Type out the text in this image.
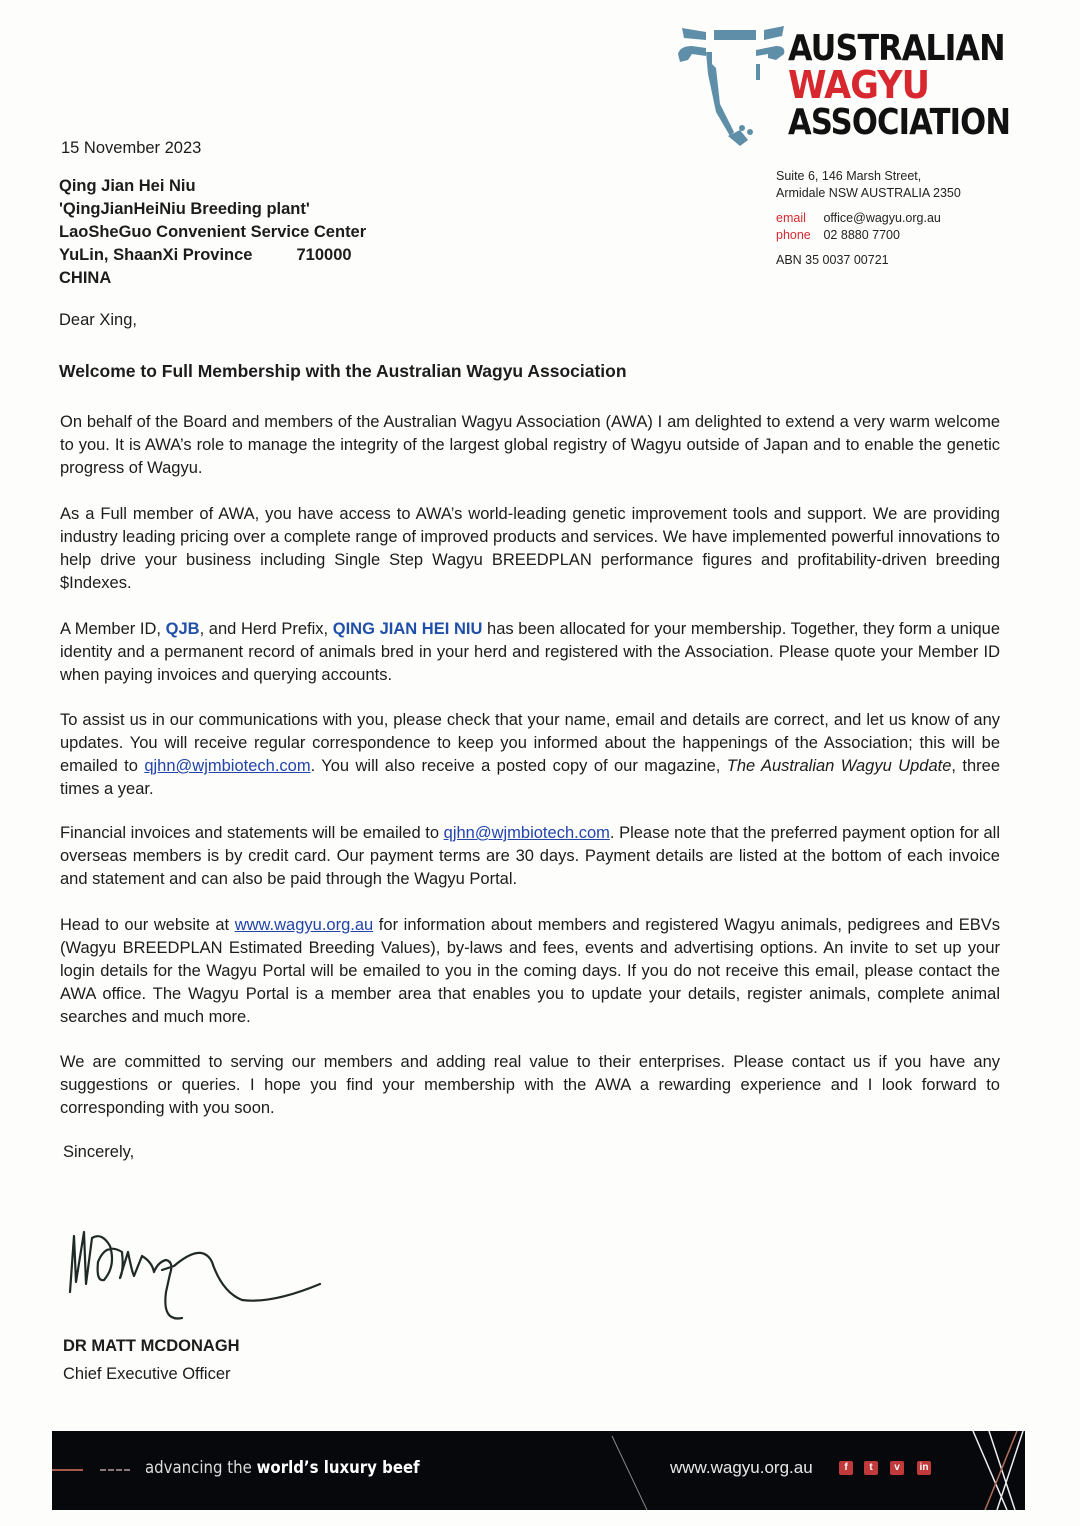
AUSTRALIAN
WAGYU
ASSOCIATION
Suite 6, 146 Marsh Street,
Armidale NSW AUSTRALIA 2350
email office@wagyu.org.au
phone 02 8880 7700
ABN 35 0037 00721
15 November 2023
Qing Jian Hei Niu
'QingJianHeiNiu Breeding plant'
LaoSheGuo Convenient Service Center
YuLin, ShaanXi Province	710000
CHINA
Dear Xing,
Welcome to Full Membership with the Australian Wagyu Association
On behalf of the Board and members of the Australian Wagyu Association (AWA) I am delighted to extend a very warm welcome to you. It is AWA’s role to manage the integrity of the largest global registry of Wagyu outside of Japan and to enable the genetic progress of Wagyu.
As a Full member of AWA, you have access to AWA’s world-leading genetic improvement tools and support. We are providing industry leading pricing over a complete range of improved products and services. We have implemented powerful innovations to help drive your business including Single Step Wagyu BREEDPLAN performance figures and profitability-driven breeding $Indexes.
A Member ID, QJB, and Herd Prefix, QING JIAN HEI NIU has been allocated for your membership. Together, they form a unique identity and a permanent record of animals bred in your herd and registered with the Association. Please quote your Member ID when paying invoices and querying accounts.
To assist us in our communications with you, please check that your name, email and details are correct, and let us know of any updates. You will receive regular correspondence to keep you informed about the happenings of the Association; this will be emailed to qjhn@wjmbiotech.com. You will also receive a posted copy of our magazine, The Australian Wagyu Update, three times a year.
Financial invoices and statements will be emailed to qjhn@wjmbiotech.com. Please note that the preferred payment option for all overseas members is by credit card. Our payment terms are 30 days. Payment details are listed at the bottom of each invoice and statement and can also be paid through the Wagyu Portal.
Head to our website at www.wagyu.org.au for information about members and registered Wagyu animals, pedigrees and EBVs (Wagyu BREEDPLAN Estimated Breeding Values), by-laws and fees, events and advertising options. An invite to set up your login details for the Wagyu Portal will be emailed to you in the coming days. If you do not receive this email, please contact the AWA office. The Wagyu Portal is a member area that enables you to update your details, register animals, complete animal searches and much more.
We are committed to serving our members and adding real value to their enterprises. Please contact us if you have any suggestions or queries. I hope you find your membership with the AWA a rewarding experience and I look forward to corresponding with you soon.
Sincerely,
DR MATT MCDONAGH
Chief Executive Officer
advancing the world’s luxury beef	www.wagyu.org.au	f	t	v	in
